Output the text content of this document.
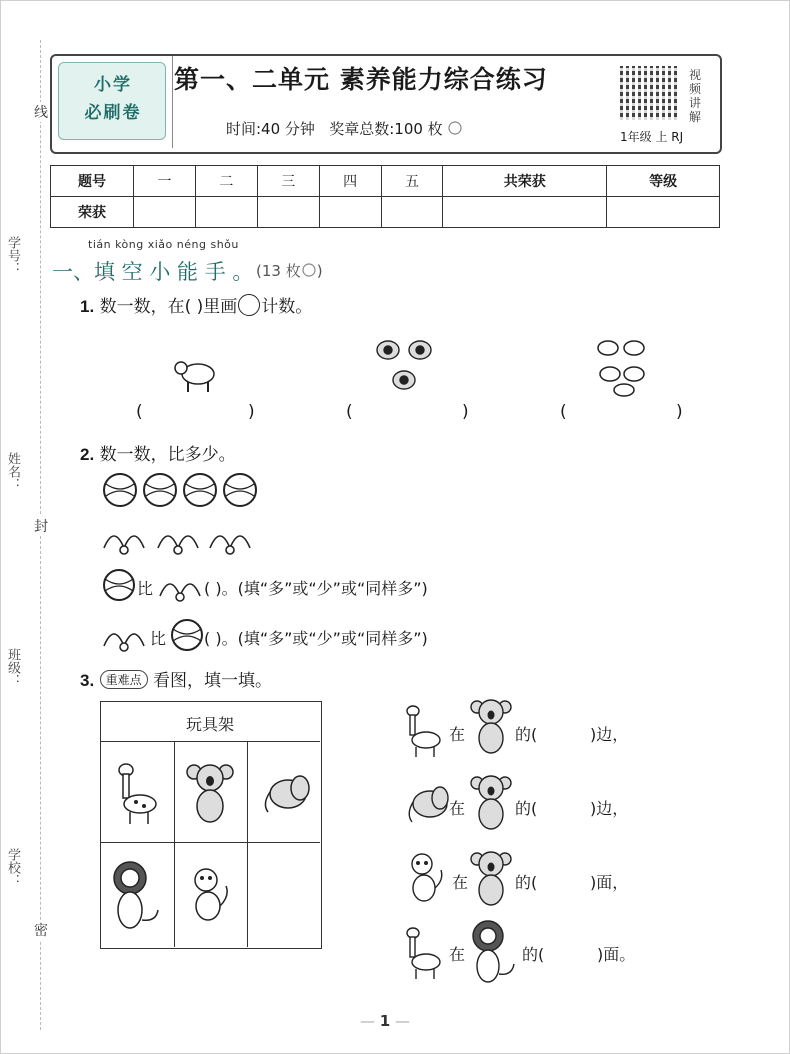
线
封
密
学号：
姓名：
班级：
学校：
小学
必刷卷
第一、二单元 素养能力综合练习
时间:40 分钟 奖章总数:100 枚
视频讲解
1年级 上 RJ
题号	一	二	三	四	五	共荣获	等级
荣获							
tián kòng xiǎo néng shǒu
一、填 空 小 能 手 。 (13 枚 )
1. 数一数，在( )里画 计数。
(	)	(	)	(	)
2. 数一数，比多少。
比	( )。(填“多”或“少”或“同样多”)
比 ( )。(填“多”或“少”或“同样多”)
3. 重难点 看图，填一填。
玩具架
在	的(	)边，
在	的(	)边，
在	的(	)面，
在	的(	)面。
— 1 —
